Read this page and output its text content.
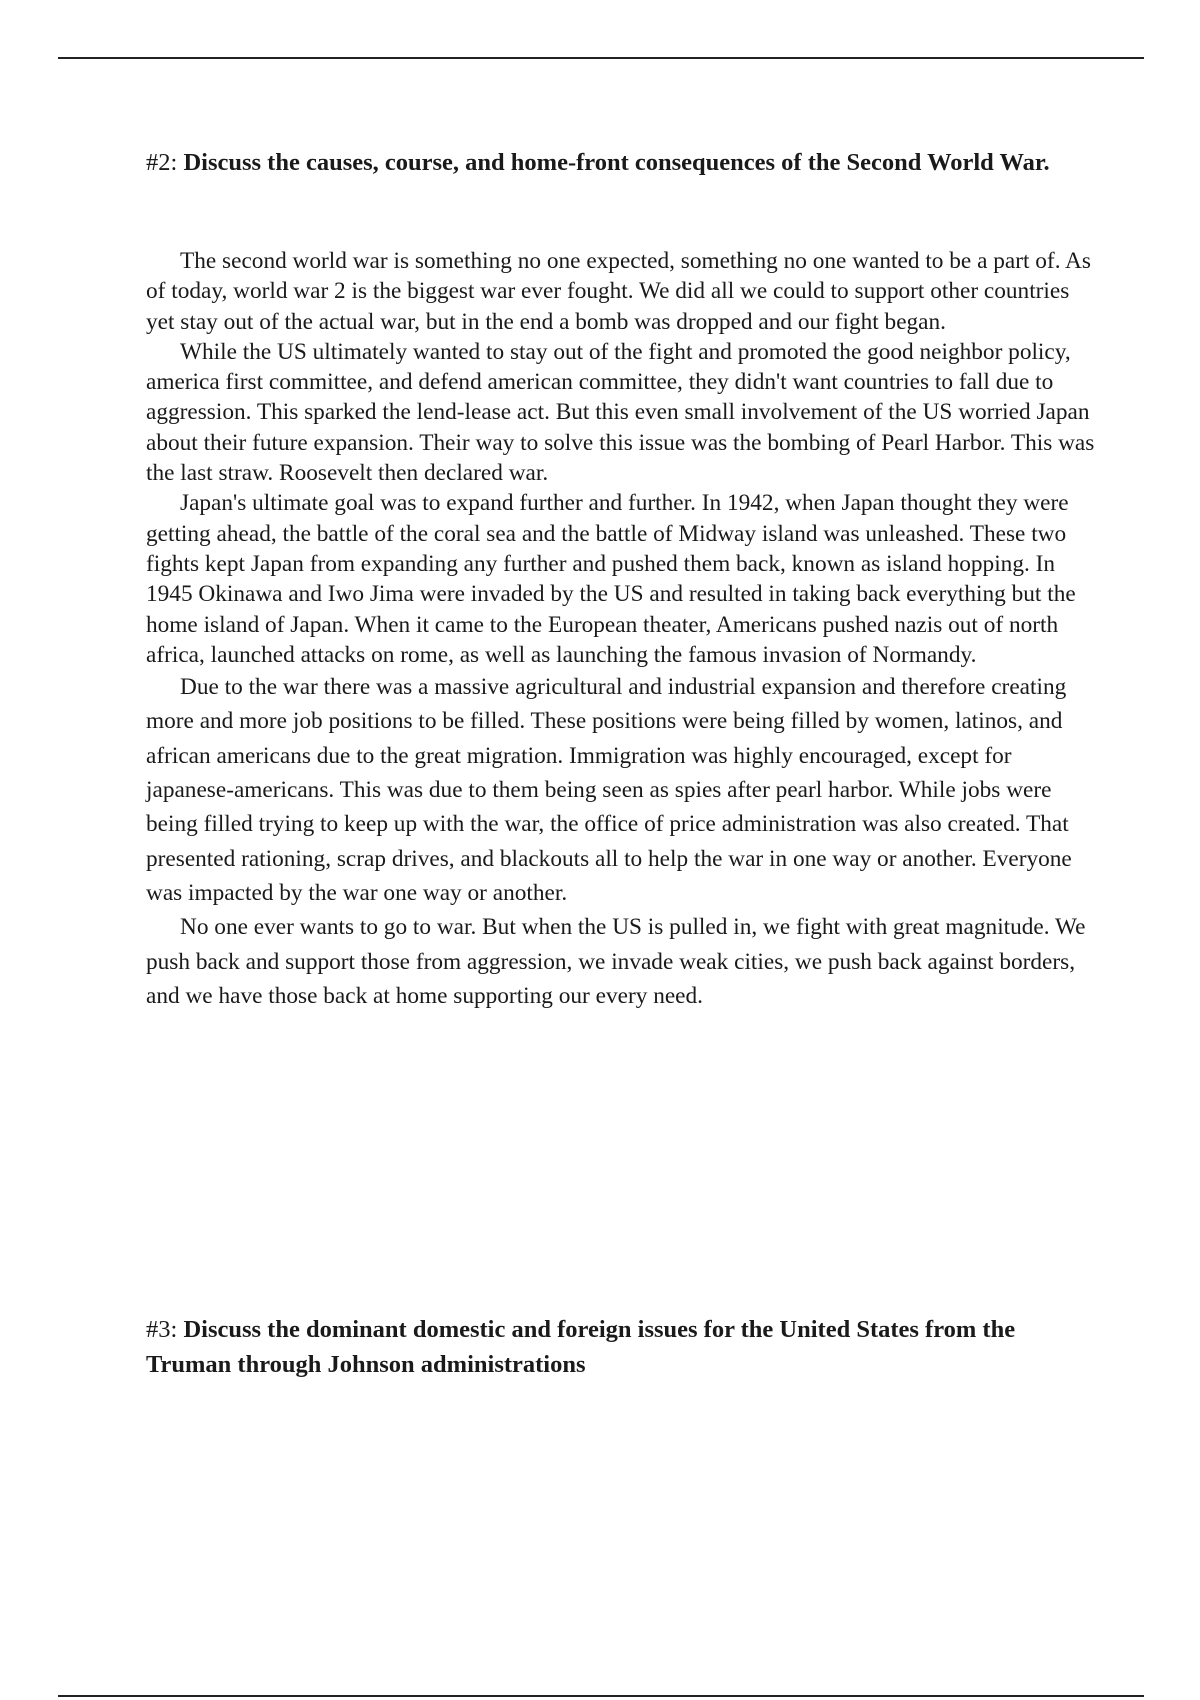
#2: Discuss the causes, course, and home-front consequences of the Second World War.

The second world war is something no one expected, something no one wanted to be a part of. As of today, world war 2 is the biggest war ever fought. We did all we could to support other countries yet stay out of the actual war, but in the end a bomb was dropped and our fight began.

While the US ultimately wanted to stay out of the fight and promoted the good neighbor policy, america first committee, and defend american committee, they didn't want countries to fall due to aggression. This sparked the lend-lease act. But this even small involvement of the US worried Japan about their future expansion. Their way to solve this issue was the bombing of Pearl Harbor. This was the last straw. Roosevelt then declared war.

Japan's ultimate goal was to expand further and further. In 1942, when Japan thought they were getting ahead, the battle of the coral sea and the battle of Midway island was unleashed. These two fights kept Japan from expanding any further and pushed them back, known as island hopping. In 1945 Okinawa and Iwo Jima were invaded by the US and resulted in taking back everything but the home island of Japan. When it came to the European theater, Americans pushed nazis out of north africa, launched attacks on rome, as well as launching the famous invasion of Normandy.

Due to the war there was a massive agricultural and industrial expansion and therefore creating more and more job positions to be filled. These positions were being filled by women, latinos, and african americans due to the great migration. Immigration was highly encouraged, except for japanese-americans. This was due to them being seen as spies after pearl harbor. While jobs were being filled trying to keep up with the war, the office of price administration was also created. That presented rationing, scrap drives, and blackouts all to help the war in one way or another. Everyone was impacted by the war one way or another.

No one ever wants to go to war. But when the US is pulled in, we fight with great magnitude. We push back and support those from aggression, we invade weak cities, we push back against borders, and we have those back at home supporting our every need.

#3: Discuss the dominant domestic and foreign issues for the United States from the Truman through Johnson administrations
